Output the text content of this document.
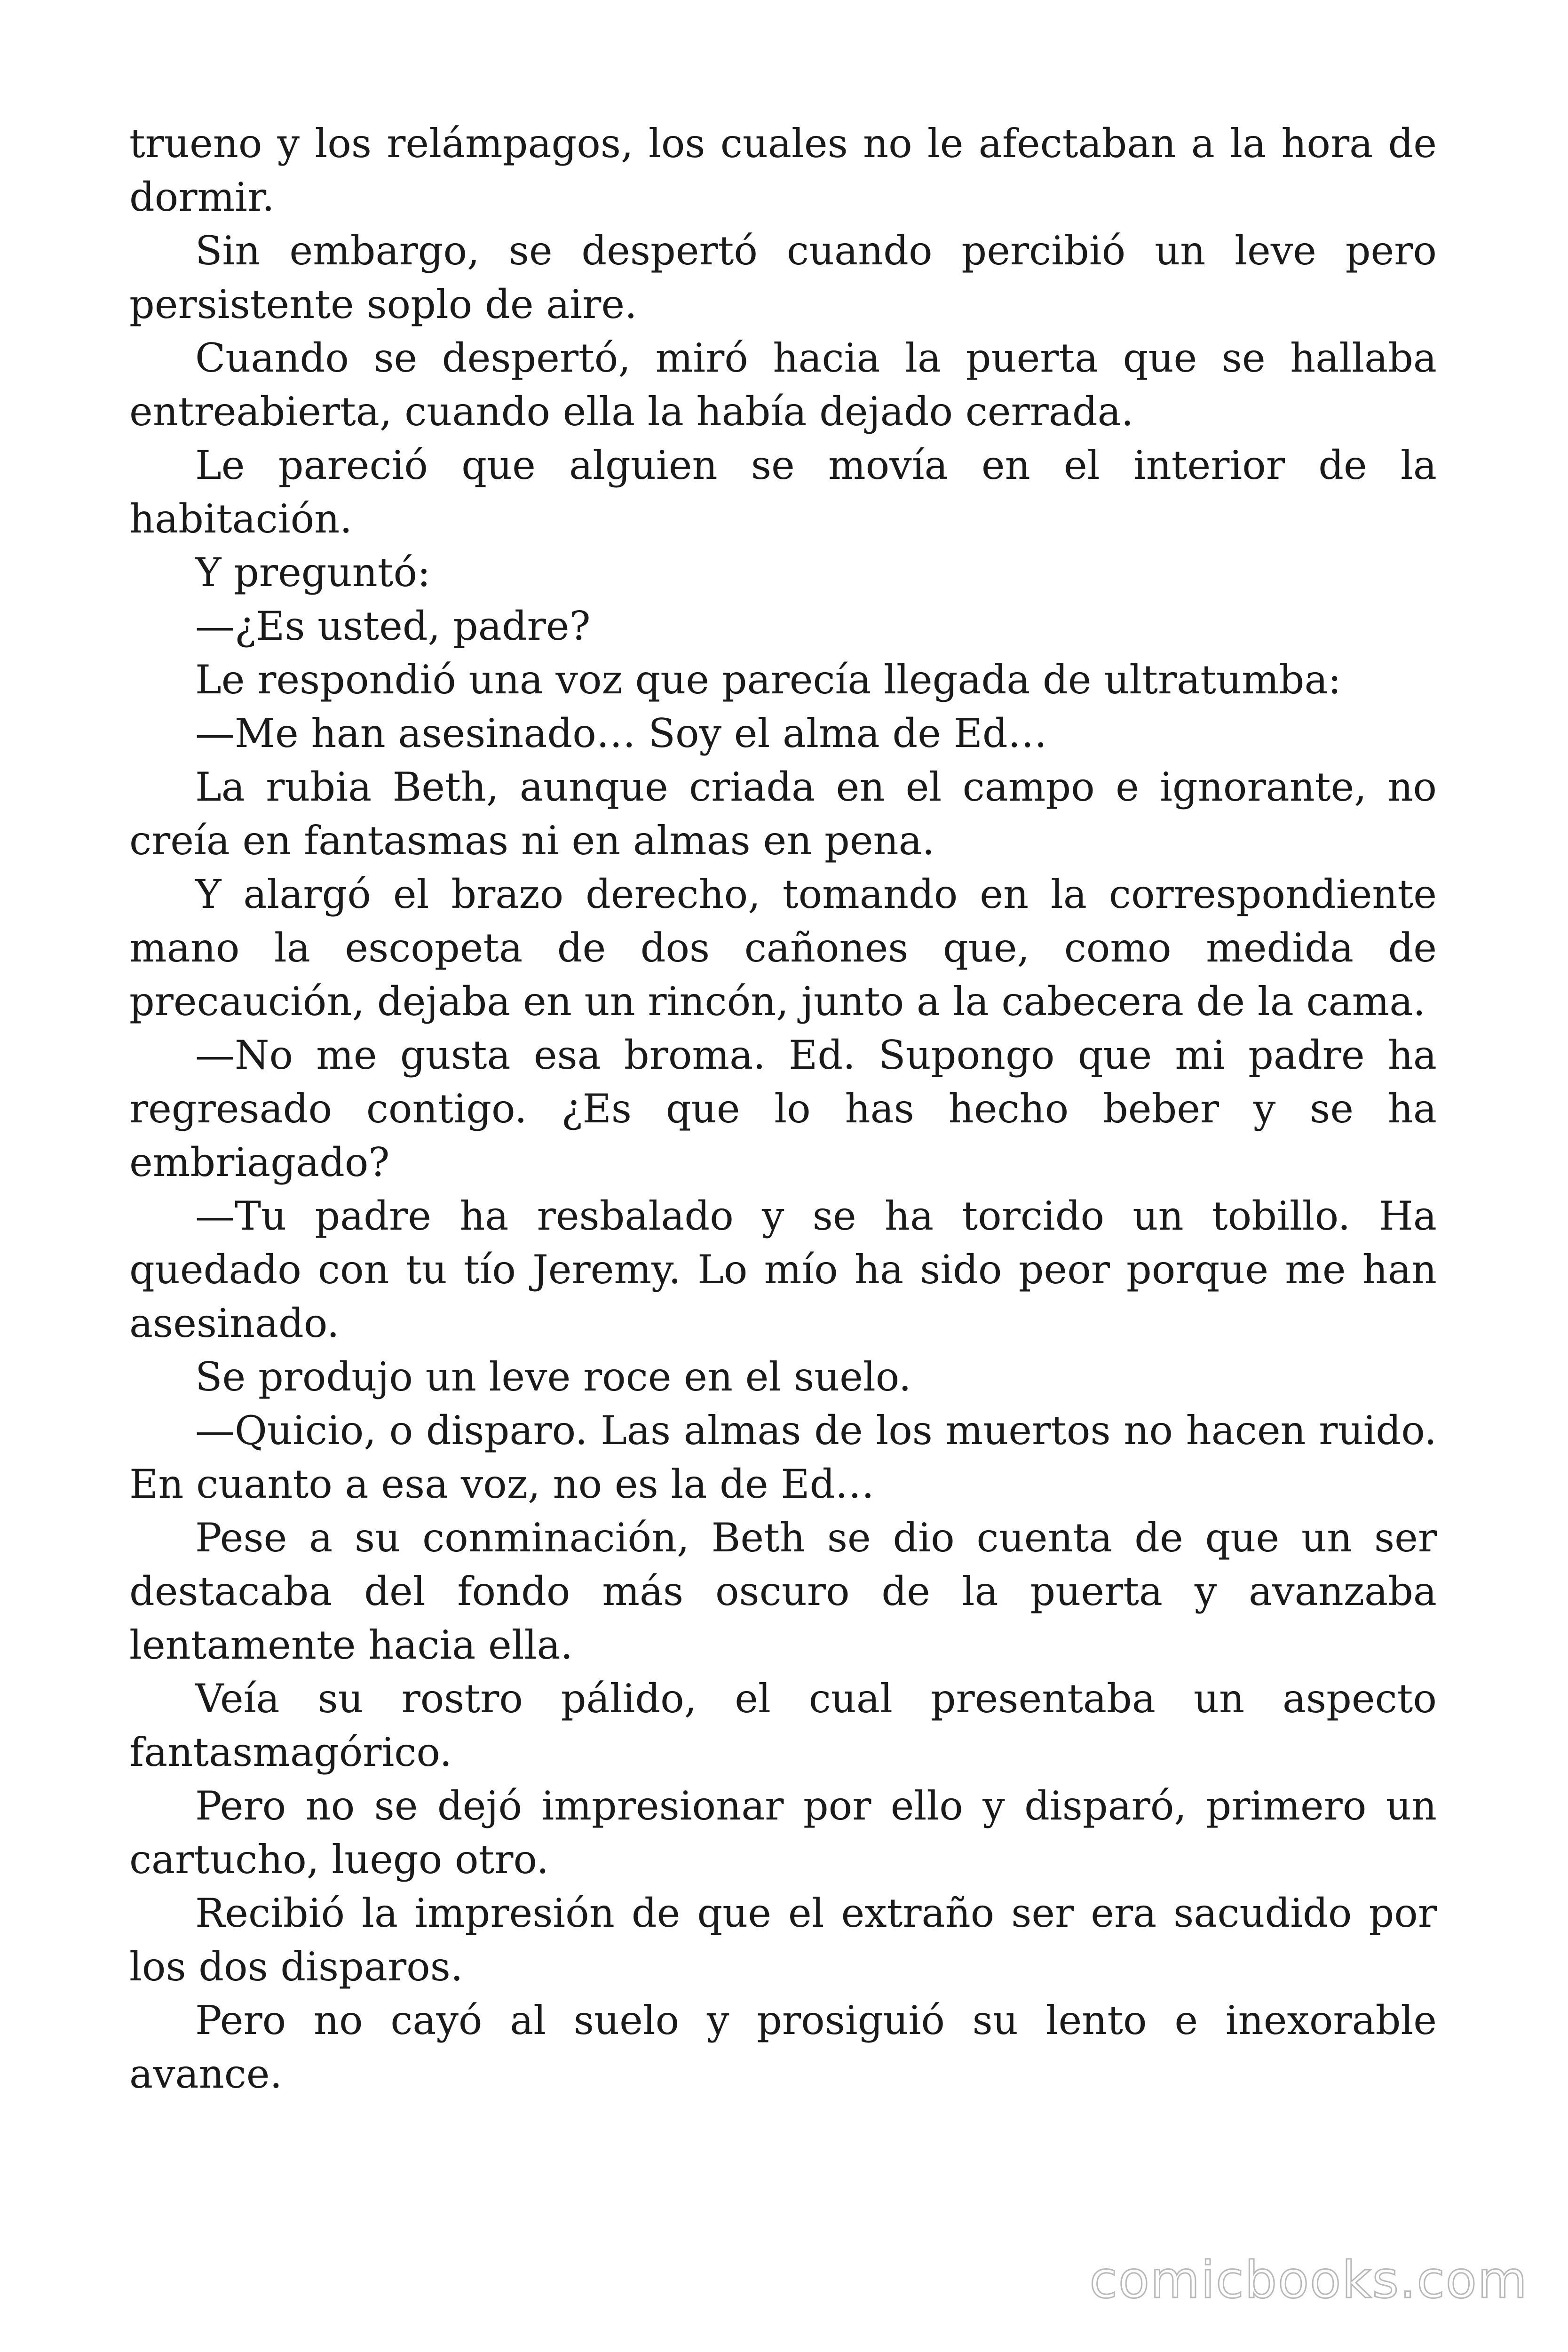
trueno y los relámpagos, los cuales no le afectaban a la hora de dormir.

Sin embargo, se despertó cuando percibió un leve pero persistente soplo de aire.

Cuando se despertó, miró hacia la puerta que se hallaba entreabierta, cuando ella la había dejado cerrada.

Le pareció que alguien se movía en el interior de la habitación.

Y preguntó:

—¿Es usted, padre?

Le respondió una voz que parecía llegada de ultratumba:

—Me han asesinado… Soy el alma de Ed…

La rubia Beth, aunque criada en el campo e ignorante, no creía en fantasmas ni en almas en pena.

Y alargó el brazo derecho, tomando en la correspondiente mano la escopeta de dos cañones que, como medida de precaución, dejaba en un rincón, junto a la cabecera de la cama.

—No me gusta esa broma. Ed. Supongo que mi padre ha regresado contigo. ¿Es que lo has hecho beber y se ha embriagado?

—Tu padre ha resbalado y se ha torcido un tobillo. Ha quedado con tu tío Jeremy. Lo mío ha sido peor porque me han asesinado.

Se produjo un leve roce en el suelo.

—Quicio, o disparo. Las almas de los muertos no hacen ruido. En cuanto a esa voz, no es la de Ed…

Pese a su conminación, Beth se dio cuenta de que un ser destacaba del fondo más oscuro de la puerta y avanzaba lentamente hacia ella.

Veía su rostro pálido, el cual presentaba un aspecto fantasmagórico.

Pero no se dejó impresionar por ello y disparó, primero un cartucho, luego otro.

Recibió la impresión de que el extraño ser era sacudido por los dos disparos.

Pero no cayó al suelo y prosiguió su lento e inexorable avance.

comicbooks.com
